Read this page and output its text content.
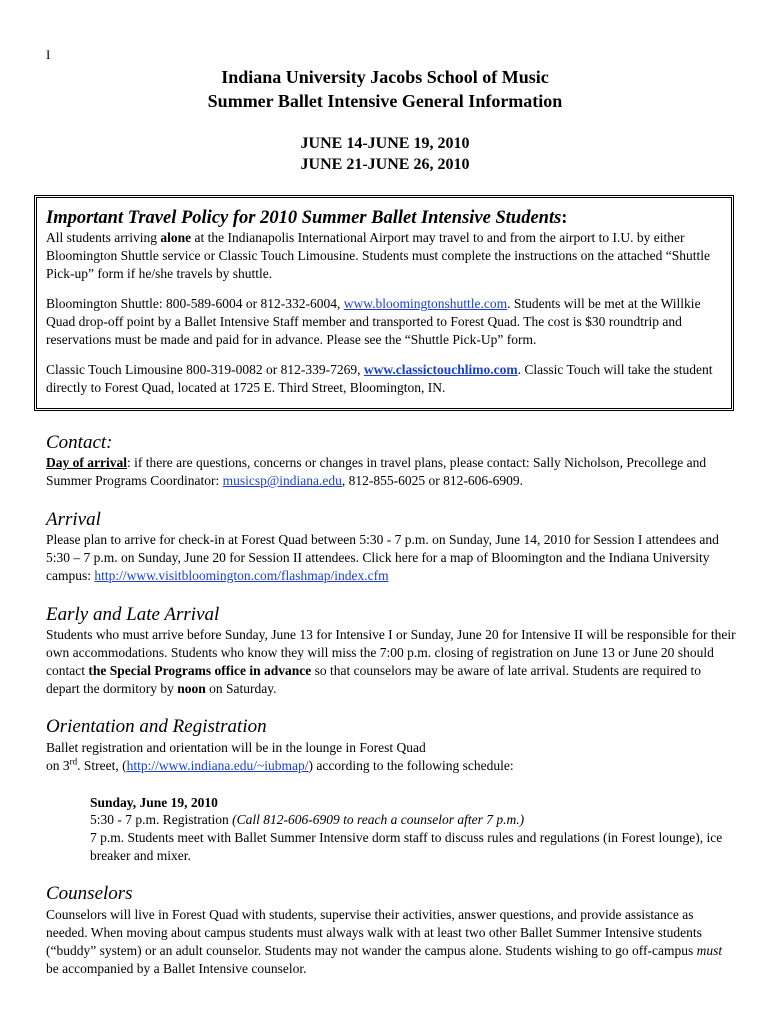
I
Indiana University Jacobs School of Music
Summer Ballet Intensive General Information
JUNE 14-JUNE 19, 2010
JUNE 21-JUNE 26, 2010
Important Travel Policy for 2010 Summer Ballet Intensive Students:

All students arriving alone at the Indianapolis International Airport may travel to and from the airport to I.U. by either Bloomington Shuttle service or Classic Touch Limousine. Students must complete the instructions on the attached “Shuttle Pick-up” form if he/she travels by shuttle.

Bloomington Shuttle: 800-589-6004 or 812-332-6004, www.bloomingtonshuttle.com. Students will be met at the Willkie Quad drop-off point by a Ballet Intensive Staff member and transported to Forest Quad. The cost is $30 roundtrip and reservations must be made and paid for in advance. Please see the “Shuttle Pick-Up” form.

Classic Touch Limousine 800-319-0082 or 812-339-7269, www.classictouchlimo.com. Classic Touch will take the student directly to Forest Quad, located at 1725 E. Third Street, Bloomington, IN.

Contact:
Day of arrival: if there are questions, concerns or changes in travel plans, please contact: Sally Nicholson, Precollege and Summer Programs Coordinator: musicsp@indiana.edu, 812-855-6025 or 812-606-6909.
Arrival
Please plan to arrive for check-in at Forest Quad between 5:30 - 7 p.m. on Sunday, June 14, 2010 for Session I attendees and 5:30 – 7 p.m. on Sunday, June 20 for Session II attendees. Click here for a map of Bloomington and the Indiana University campus: http://www.visitbloomington.com/flashmap/index.cfm
Early and Late Arrival
Students who must arrive before Sunday, June 13 for Intensive I or Sunday, June 20 for Intensive II will be responsible for their own accommodations. Students who know they will miss the 7:00 p.m. closing of registration on June 13 or June 20 should contact the Special Programs office in advance so that counselors may be aware of late arrival. Students are required to depart the dormitory by noon on Saturday.
Orientation and Registration
Ballet registration and orientation will be in the lounge in Forest Quad
on 3rd. Street, (http://www.indiana.edu/~iubmap/) according to the following schedule:
Sunday, June 19, 2010
5:30 - 7 p.m. Registration (Call 812-606-6909 to reach a counselor after 7 p.m.)
7 p.m. Students meet with Ballet Summer Intensive dorm staff to discuss rules and regulations (in Forest lounge), ice breaker and mixer.
Counselors
Counselors will live in Forest Quad with students, supervise their activities, answer questions, and provide assistance as needed. When moving about campus students must always walk with at least two other Ballet Summer Intensive students (“buddy” system) or an adult counselor. Students may not wander the campus alone. Students wishing to go off-campus must be accompanied by a Ballet Intensive counselor.
